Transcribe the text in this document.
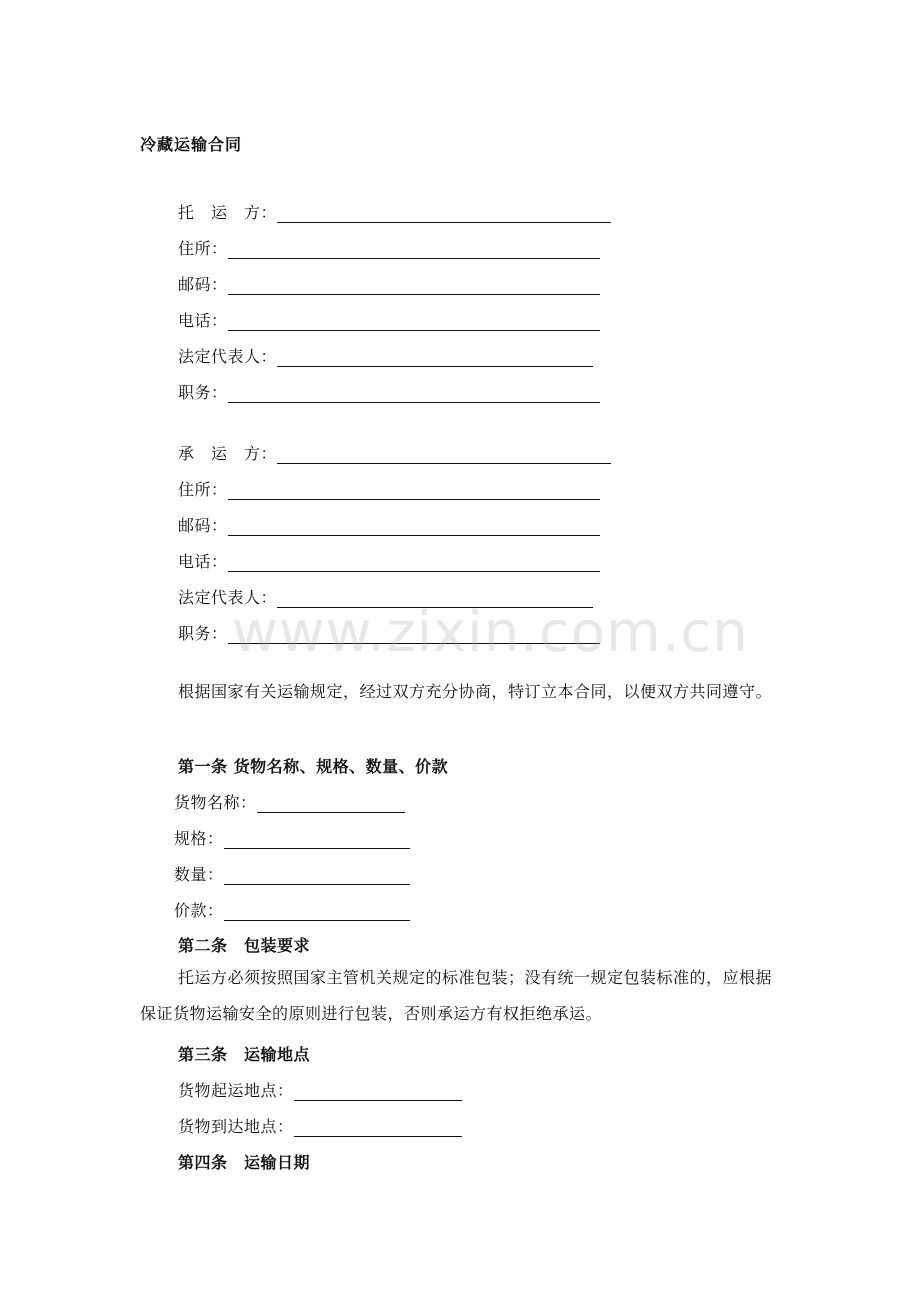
冷藏运输合同
托　运　方：
住所：
邮码：
电话：
法定代表人：
职务：
承　运　方：
住所：
邮码：
电话：
法定代表人：
职务：

根据国家有关运输规定，经过双方充分协商，特订立本合同，以便双方共同遵守。

第一条 货物名称、规格、数量、价款

货物名称：
规格：
数量：
价款：

第二条　包装要求

托运方必须按照国家主管机关规定的标准包装；没有统一规定包装标准的，应根据保证货物运输安全的原则进行包装，否则承运方有权拒绝承运。

第三条　运输地点

货物起运地点：
货物到达地点：

第四条　运输日期

www.zixin.com.cn
